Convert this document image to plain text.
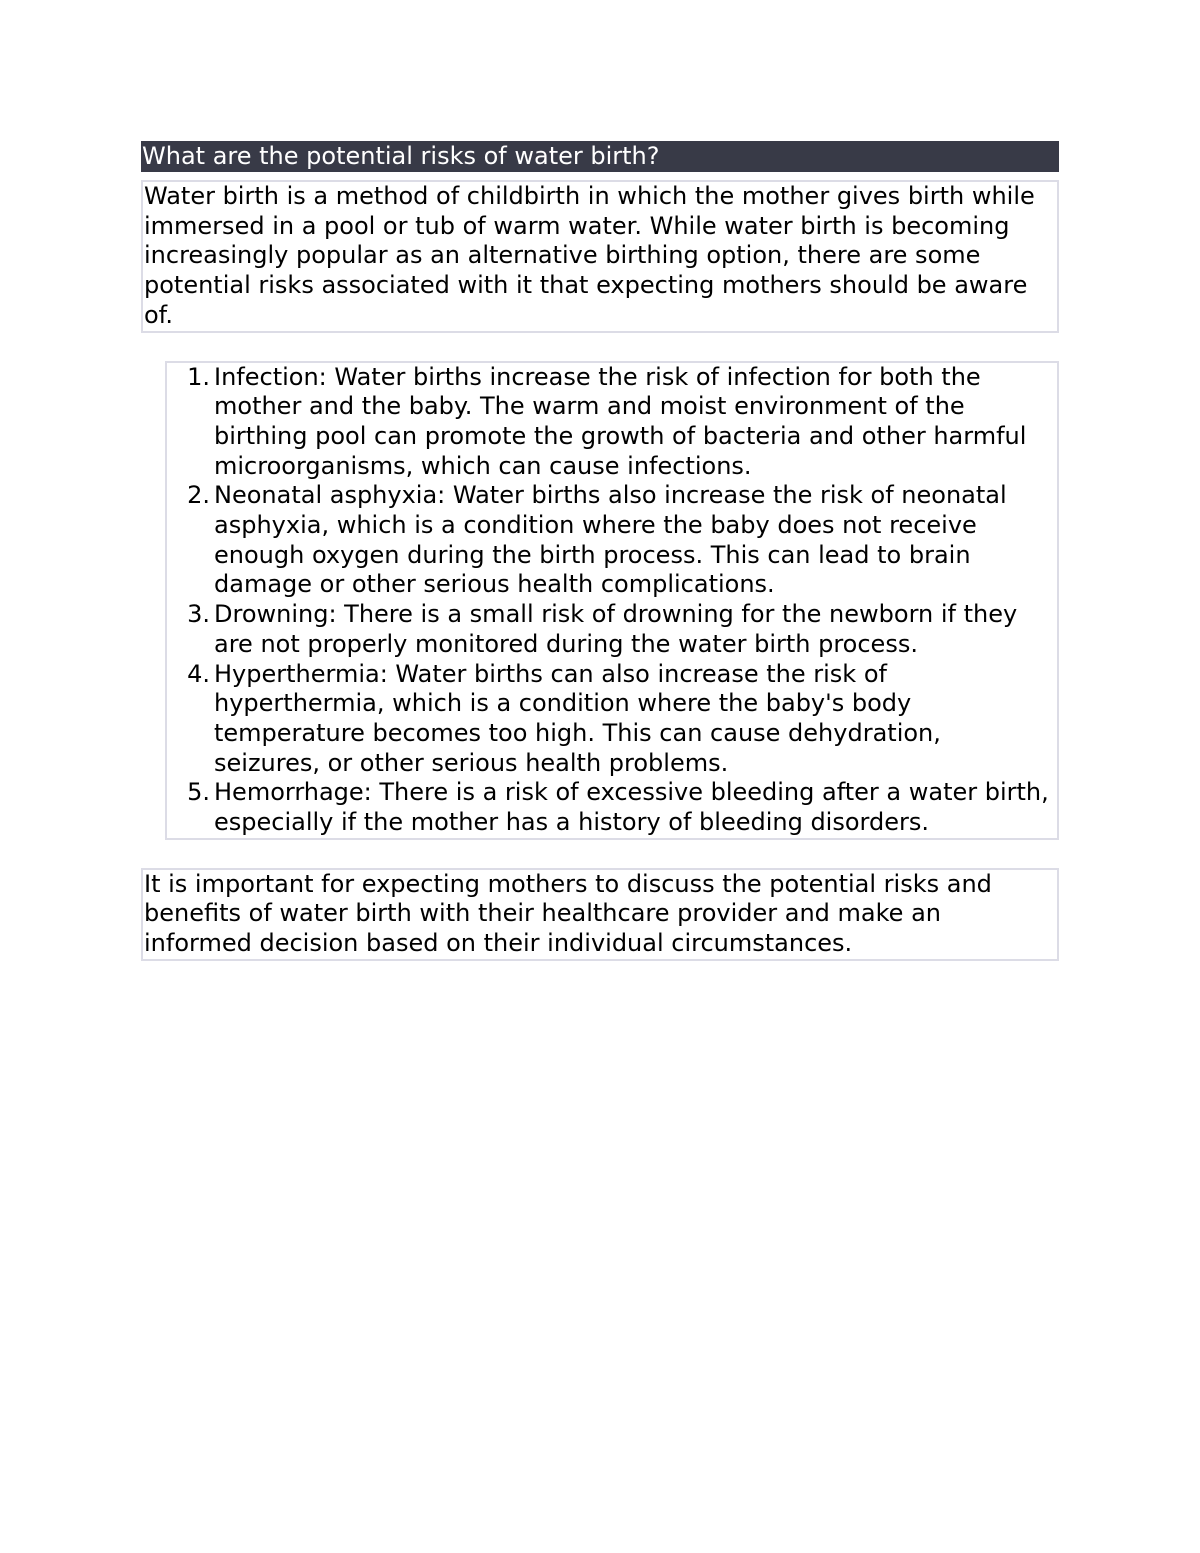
What are the potential risks of water birth?
Water birth is a method of childbirth in which the mother gives birth while immersed in a pool or tub of warm water. While water birth is becoming increasingly popular as an alternative birthing option, there are some potential risks associated with it that expecting mothers should be aware of.
1. Infection: Water births increase the risk of infection for both the mother and the baby. The warm and moist environment of the birthing pool can promote the growth of bacteria and other harmful microorganisms, which can cause infections.
2. Neonatal asphyxia: Water births also increase the risk of neonatal asphyxia, which is a condition where the baby does not receive enough oxygen during the birth process. This can lead to brain damage or other serious health complications.
3. Drowning: There is a small risk of drowning for the newborn if they are not properly monitored during the water birth process.
4. Hyperthermia: Water births can also increase the risk of hyperthermia, which is a condition where the baby's body temperature becomes too high. This can cause dehydration, seizures, or other serious health problems.
5. Hemorrhage: There is a risk of excessive bleeding after a water birth, especially if the mother has a history of bleeding disorders.
It is important for expecting mothers to discuss the potential risks and benefits of water birth with their healthcare provider and make an informed decision based on their individual circumstances.
